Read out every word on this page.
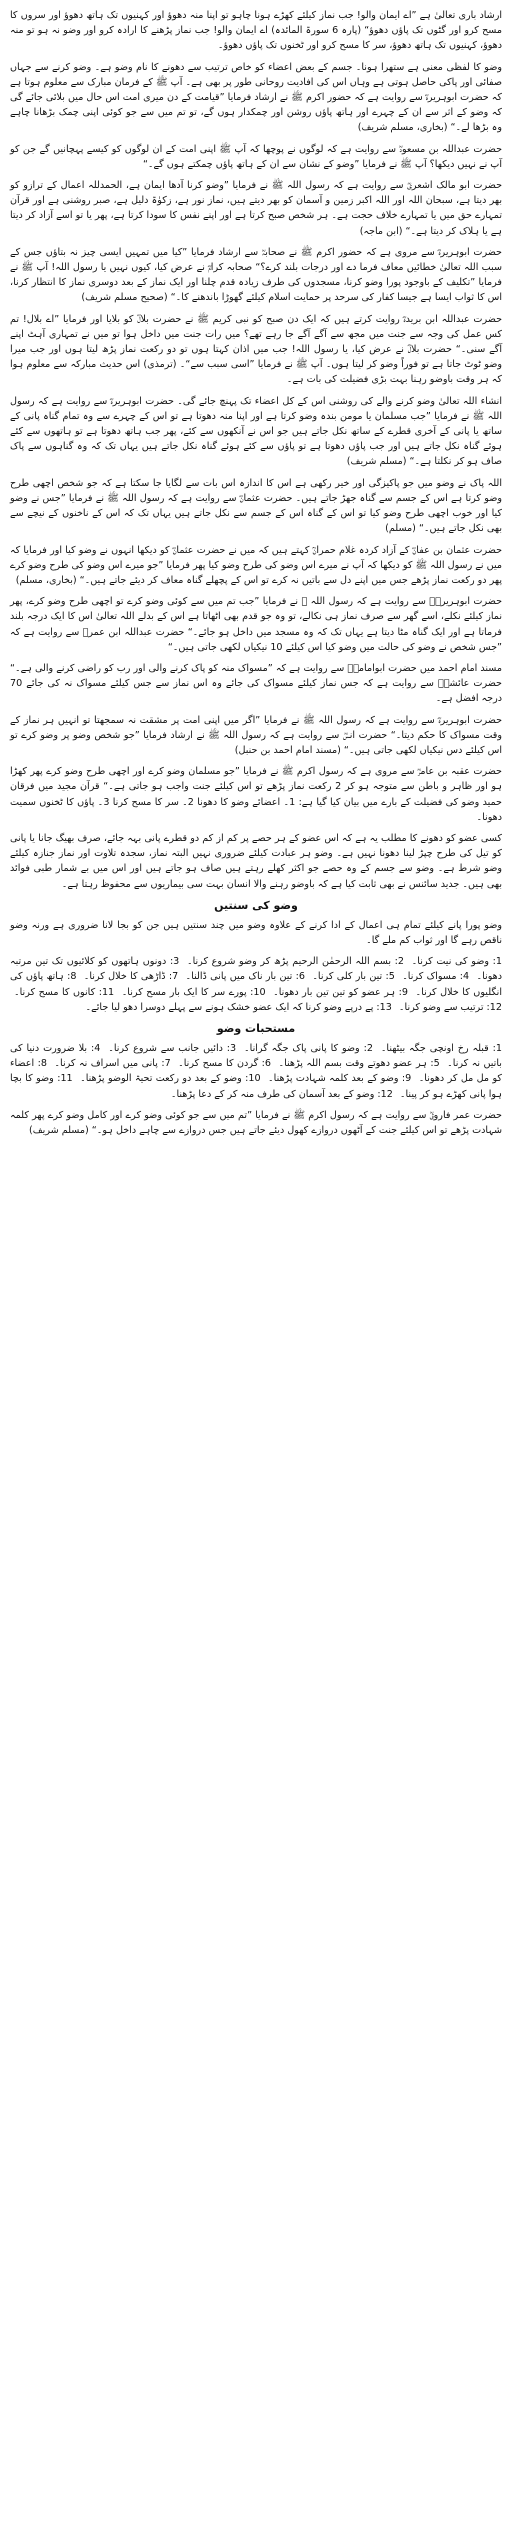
ارشاد باری تعالیٰ ہے ”اے ایمان والو! جب نماز کیلئے کھڑے ہونا چاہو تو اپنا منہ دھوؤ اور کہنیوں تک ہاتھ دھوؤ اور سروں کا مسح کرو اور گٹوں تک پاؤں دھوؤ“ (پارہ 6 سورۃ المائدہ) اے ایمان والو! جب نماز پڑھنے کا ارادہ کرو اور وضو نہ ہو تو منہ دھوؤ، کہنیوں تک ہاتھ دھوؤ، سر کا مسح کرو اور ٹخنوں تک پاؤں دھوؤ۔

وضو کا لفظی معنی ہے ستھرا ہونا۔ جسم کے بعض اعضاء کو خاص ترتیب سے دھونے کا نام وضو ہے۔ وضو کرنے سے جہاں صفائی اور پاکی حاصل ہوتی ہے وہاں اس کی افادیت روحانی طور پر بھی ہے۔ آپ ﷺ کے فرمان مبارک سے معلوم ہوتا ہے کہ حضرت ابوہریرہؓ سے روایت ہے کہ حضور اکرم ﷺ نے ارشاد فرمایا ”قیامت کے دن میری امت اس حال میں بلائی جائے گی کہ وضو کے اثر سے ان کے چہرے اور ہاتھ پاؤں روشن اور چمکدار ہوں گے، تو تم میں سے جو کوئی اپنی چمک بڑھانا چاہے وہ بڑھا لے۔“ (بخاری، مسلم شریف)

حضرت عبداللہ بن مسعودؓ سے روایت ہے کہ لوگوں نے پوچھا کہ آپ ﷺ اپنی امت کے ان لوگوں کو کیسے پہچانیں گے جن کو آپ نے نہیں دیکھا؟ آپ ﷺ نے فرمایا ”وضو کے نشان سے ان کے ہاتھ پاؤں چمکتے ہوں گے۔“

حضرت ابو مالک اشعریؓ سے روایت ہے کہ رسول اللہ ﷺ نے فرمایا ”وضو کرنا آدھا ایمان ہے، الحمدللہ اعمال کے ترازو کو بھر دیتا ہے، سبحان اللہ اور اللہ اکبر زمین و آسمان کو بھر دیتے ہیں، نماز نور ہے، زکوٰۃ دلیل ہے، صبر روشنی ہے اور قرآن تمہارے حق میں یا تمہارے خلاف حجت ہے۔ ہر شخص صبح کرتا ہے اور اپنے نفس کا سودا کرتا ہے، پھر یا تو اسے آزاد کر دیتا ہے یا ہلاک کر دیتا ہے۔“ (ابن ماجہ)

حضرت ابوہریرہؓ سے مروی ہے کہ حضور اکرم ﷺ نے صحابہؓ سے ارشاد فرمایا ”کیا میں تمہیں ایسی چیز نہ بتاؤں جس کے سبب اللہ تعالیٰ خطائیں معاف فرما دے اور درجات بلند کرے؟“ صحابہ کرامؓ نے عرض کیا، کیوں نہیں یا رسول اللہ! آپ ﷺ نے فرمایا ”تکلیف کے باوجود پورا وضو کرنا، مسجدوں کی طرف زیادہ قدم چلنا اور ایک نماز کے بعد دوسری نماز کا انتظار کرنا، اس کا ثواب ایسا ہے جیسا کفار کی سرحد پر حمایت اسلام کیلئے گھوڑا باندھنے کا۔“ (صحیح مسلم شریف)

حضرت عبداللہ ابن بریدہؓ روایت کرتے ہیں کہ ایک دن صبح کو نبی کریم ﷺ نے حضرت بلالؓ کو بلایا اور فرمایا ”اے بلال! تم کس عمل کی وجہ سے جنت میں مجھ سے آگے آگے جا رہے تھے؟ میں رات جنت میں داخل ہوا تو میں نے تمہاری آہٹ اپنے آگے سنی۔“ حضرت بلالؓ نے عرض کیا، یا رسول اللہ! جب میں اذان کہتا ہوں تو دو رکعت نماز پڑھ لیتا ہوں اور جب میرا وضو ٹوٹ جاتا ہے تو فوراً وضو کر لیتا ہوں۔ آپ ﷺ نے فرمایا ”اسی سبب سے“۔ (ترمذی) اس حدیث مبارکہ سے معلوم ہوا کہ ہر وقت باوضو رہنا بہت بڑی فضیلت کی بات ہے۔

انشاء اللہ تعالیٰ وضو کرنے والے کی روشنی اس کے کل اعضاء تک پہنچ جائے گی۔ حضرت ابوہریرہؓ سے روایت ہے کہ رسول اللہ ﷺ نے فرمایا ”جب مسلمان یا مومن بندہ وضو کرتا ہے اور اپنا منہ دھوتا ہے تو اس کے چہرے سے وہ تمام گناہ پانی کے ساتھ یا پانی کے آخری قطرے کے ساتھ نکل جاتے ہیں جو اس نے آنکھوں سے کئے، پھر جب ہاتھ دھوتا ہے تو ہاتھوں سے کئے ہوئے گناہ نکل جاتے ہیں اور جب پاؤں دھوتا ہے تو پاؤں سے کئے ہوئے گناہ نکل جاتے ہیں یہاں تک کہ وہ گناہوں سے پاک صاف ہو کر نکلتا ہے۔“ (مسلم شریف)

اللہ پاک نے وضو میں جو پاکیزگی اور خیر رکھی ہے اس کا اندازہ اس بات سے لگایا جا سکتا ہے کہ جو شخص اچھی طرح وضو کرتا ہے اس کے جسم سے گناہ جھڑ جاتے ہیں۔ حضرت عثمانؓ سے روایت ہے کہ رسول اللہ ﷺ نے فرمایا ”جس نے وضو کیا اور خوب اچھی طرح وضو کیا تو اس کے گناہ اس کے جسم سے نکل جاتے ہیں یہاں تک کہ اس کے ناخنوں کے نیچے سے بھی نکل جاتے ہیں۔“ (مسلم)

حضرت عثمان بن عفانؓ کے آزاد کردہ غلام حمرانؒ کہتے ہیں کہ میں نے حضرت عثمانؓ کو دیکھا انہوں نے وضو کیا اور فرمایا کہ میں نے رسول اللہ ﷺ کو دیکھا کہ آپ نے میرے اس وضو کی طرح وضو کیا پھر فرمایا ”جو میرے اس وضو کی طرح وضو کرے پھر دو رکعت نماز پڑھے جس میں اپنے دل سے باتیں نہ کرے تو اس کے پچھلے گناہ معاف کر دیئے جاتے ہیں۔“ (بخاری، مسلم)

حضرت ابوہریرہؓ سے روایت ہے کہ رسول اللہ ﷺ نے فرمایا ”جب تم میں سے کوئی وضو کرے تو اچھی طرح وضو کرے، پھر نماز کیلئے نکلے، اسے گھر سے صرف نماز ہی نکالے، تو وہ جو قدم بھی اٹھاتا ہے اس کے بدلے اللہ تعالیٰ اس کا ایک درجہ بلند فرماتا ہے اور ایک گناہ مٹا دیتا ہے یہاں تک کہ وہ مسجد میں داخل ہو جائے۔“ حضرت عبداللہ ابن عمرؓ سے روایت ہے کہ ”جس شخص نے وضو کی حالت میں وضو کیا اس کیلئے 10 نیکیاں لکھی جاتی ہیں۔“

مسند امام احمد میں حضرت ابوامامہؓ سے روایت ہے کہ ”مسواک منہ کو پاک کرنے والی اور رب کو راضی کرنے والی ہے۔“ حضرت عائشہؓ سے روایت ہے کہ جس نماز کیلئے مسواک کی جائے وہ اس نماز سے جس کیلئے مسواک نہ کی جائے 70 درجہ افضل ہے۔

حضرت ابوہریرہؓ سے روایت ہے کہ رسول اللہ ﷺ نے فرمایا ”اگر میں اپنی امت پر مشقت نہ سمجھتا تو انہیں ہر نماز کے وقت مسواک کا حکم دیتا۔“ حضرت انسؓ سے روایت ہے کہ رسول اللہ ﷺ نے ارشاد فرمایا ”جو شخص وضو پر وضو کرے تو اس کیلئے دس نیکیاں لکھی جاتی ہیں۔“ (مسند امام احمد بن حنبل)

حضرت عقبہ بن عامرؓ سے مروی ہے کہ رسول اکرم ﷺ نے فرمایا ”جو مسلمان وضو کرے اور اچھی طرح وضو کرے پھر کھڑا ہو اور ظاہر و باطن سے متوجہ ہو کر 2 رکعت نماز پڑھے تو اس کیلئے جنت واجب ہو جاتی ہے۔“ قرآن مجید میں فرقان حمید وضو کی فضیلت کے بارے میں بیان کیا گیا ہے: 1۔ اعضائے وضو کا دھونا 2۔ سر کا مسح کرنا 3۔ پاؤں کا ٹخنوں سمیت دھونا۔

کسی عضو کو دھونے کا مطلب یہ ہے کہ اس عضو کے ہر حصے پر کم از کم دو قطرے پانی بہہ جائے، صرف بھیگ جانا یا پانی کو تیل کی طرح چپڑ لینا دھونا نہیں ہے۔ وضو ہر عبادت کیلئے ضروری نہیں البتہ نماز، سجدہ تلاوت اور نماز جنازہ کیلئے وضو شرط ہے۔ وضو سے جسم کے وہ حصے جو اکثر کھلے رہتے ہیں صاف ہو جاتے ہیں اور اس میں بے شمار طبی فوائد بھی ہیں۔ جدید سائنس نے بھی ثابت کیا ہے کہ باوضو رہنے والا انسان بہت سی بیماریوں سے محفوظ رہتا ہے۔

وضو کی سنتیں

وضو پورا پانے کیلئے تمام ہی اعمال کے ادا کرنے کے علاوہ وضو میں چند سنتیں ہیں جن کو بجا لانا ضروری ہے ورنہ وضو ناقص رہے گا اور ثواب کم ملے گا۔

1: وضو کی نیت کرنا۔ 2: بسم اللہ الرحمٰن الرحیم پڑھ کر وضو شروع کرنا۔ 3: دونوں ہاتھوں کو کلائیوں تک تین مرتبہ دھونا۔ 4: مسواک کرنا۔ 5: تین بار کلی کرنا۔ 6: تین بار ناک میں پانی ڈالنا۔ 7: ڈاڑھی کا خلال کرنا۔ 8: ہاتھ پاؤں کی انگلیوں کا خلال کرنا۔ 9: ہر عضو کو تین تین بار دھونا۔ 10: پورے سر کا ایک بار مسح کرنا۔ 11: کانوں کا مسح کرنا۔ 12: ترتیب سے وضو کرنا۔ 13: پے درپے وضو کرنا کہ ایک عضو خشک ہونے سے پہلے دوسرا دھو لیا جائے۔

مستحبات وضو

1: قبلہ رخ اونچی جگہ بیٹھنا۔ 2: وضو کا پانی پاک جگہ گرانا۔ 3: دائیں جانب سے شروع کرنا۔ 4: بلا ضرورت دنیا کی باتیں نہ کرنا۔ 5: ہر عضو دھوتے وقت بسم اللہ پڑھنا۔ 6: گردن کا مسح کرنا۔ 7: پانی میں اسراف نہ کرنا۔ 8: اعضاء کو مل مل کر دھونا۔ 9: وضو کے بعد کلمہ شہادت پڑھنا۔ 10: وضو کے بعد دو رکعت تحیۃ الوضو پڑھنا۔ 11: وضو کا بچا ہوا پانی کھڑے ہو کر پینا۔ 12: وضو کے بعد آسمان کی طرف منہ کر کے دعا پڑھنا۔

حضرت عمر فاروقؓ سے روایت ہے کہ رسول اکرم ﷺ نے فرمایا ”تم میں سے جو کوئی وضو کرے اور کامل وضو کرے پھر کلمہ شہادت پڑھے تو اس کیلئے جنت کے آٹھوں دروازے کھول دیئے جاتے ہیں جس دروازے سے چاہے داخل ہو۔“ (مسلم شریف)
